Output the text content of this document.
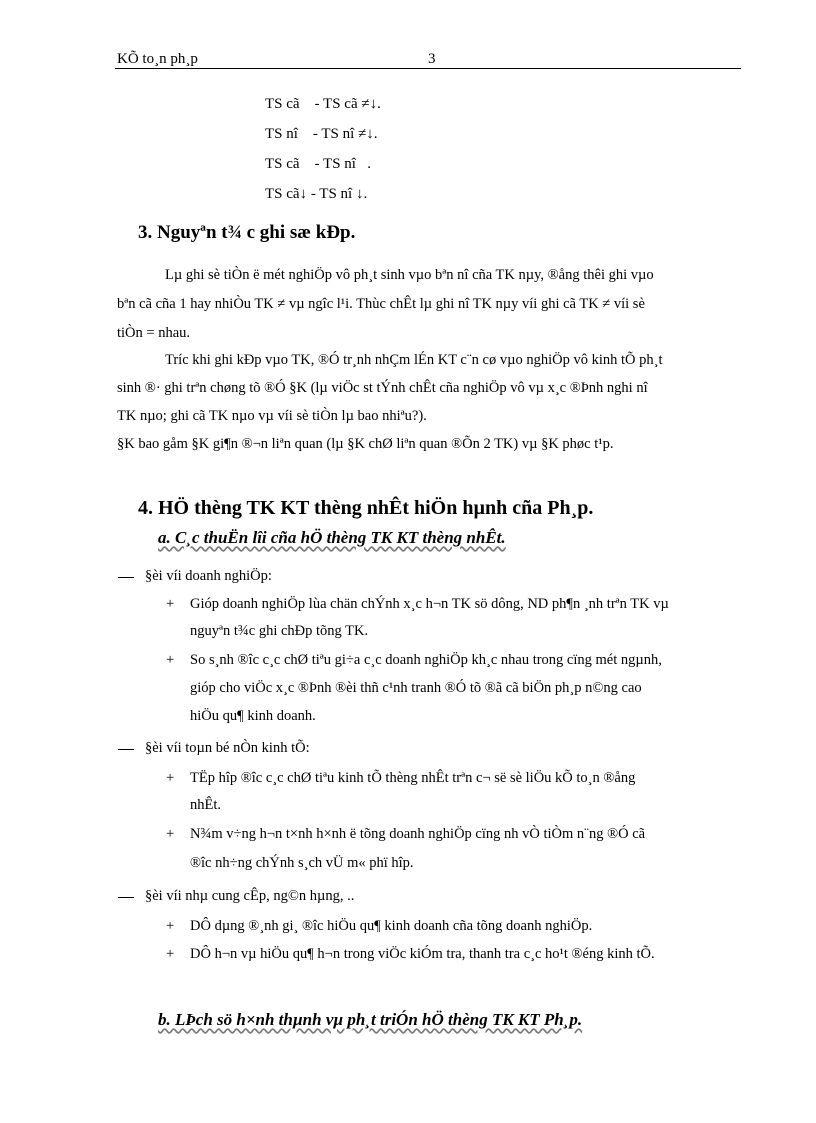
KÕ to¸n ph¸p	3
TS cã    - TS cã ≠↓.
TS nî    - TS nî ≠↓.
TS cã    - TS nî   .
TS cã↓ - TS nî ↓.
3. Nguyªn t¾ c ghi sæ kÐp.
Lµ ghi sè tiÒn ë mét nghiÖp vô ph¸t sinh vµo bªn nî cña TK nµy, ®ång thêi ghi vµo
bªn cã cña 1 hay nhiÒu TK ≠ vµ ngîc l¹i. Thùc chÊt lµ ghi nî TK nµy víi ghi cã TK ≠ víi sè
tiÒn = nhau.
Tríc khi ghi kÐp vµo TK, ®Ó tr¸nh nhÇm lÉn KT c¨n cø vµo nghiÖp vô kinh tÕ ph¸t
sinh ®· ghi trªn chøng tõ ®Ó §K (lµ viÖc st tÝnh chÊt cña nghiÖp vô vµ x¸c ®Þnh nghi nî
TK nµo; ghi cã TK nµo vµ víi sè tiÒn lµ bao nhiªu?).
§K bao gåm §K gi¶n ®¬n liªn quan (lµ §K chØ liªn quan ®Õn 2 TK) vµ §K phøc t¹p.
4. HÖ thèng TK KT thèng nhÊt hiÖn hµnh cña Ph¸p.
a. C¸c thuËn lîi cña hÖ thèng TK KT thèng nhÊt.
§èi víi doanh nghiÖp:
+ Gióp doanh nghiÖp lùa chän chÝnh x¸c h¬n TK sö dông, ND ph¶n ¸nh trªn TK vµ
nguyªn t¾c ghi chÐp tõng TK.
+ So s¸nh ®îc c¸c chØ tiªu gi÷a c¸c doanh nghiÖp kh¸c nhau trong cïng mét ngµnh,
gióp cho viÖc x¸c ®Þnh ®èi thñ c¹nh tranh ®Ó tõ ®ã cã biÖn ph¸p n©ng cao
hiÖu qu¶ kinh doanh.
§èi víi toµn bé nÒn kinh tÕ:
+ TËp hîp ®îc c¸c chØ tiªu kinh tÕ thèng nhÊt trªn c¬ së sè liÖu kÕ to¸n ®ång
nhÊt.
+ N¾m v÷ng h¬n t×nh h×nh ë tõng doanh nghiÖp cïng nh vÒ tiÒm n¨ng ®Ó cã
®îc nh÷ng chÝnh s¸ch vÜ m« phï hîp.
§èi víi nhµ cung cÊp, ng©n hµng, ..
+ DÔ dµng ®¸nh gi¸ ®îc hiÖu qu¶ kinh doanh cña tõng doanh nghiÖp.
+ DÔ h¬n vµ hiÖu qu¶ h¬n trong viÖc kiÓm tra, thanh tra c¸c ho¹t ®éng kinh tÕ.
b. LÞch sö h×nh thµnh vµ ph¸t triÓn hÖ thèng TK KT Ph¸p.
